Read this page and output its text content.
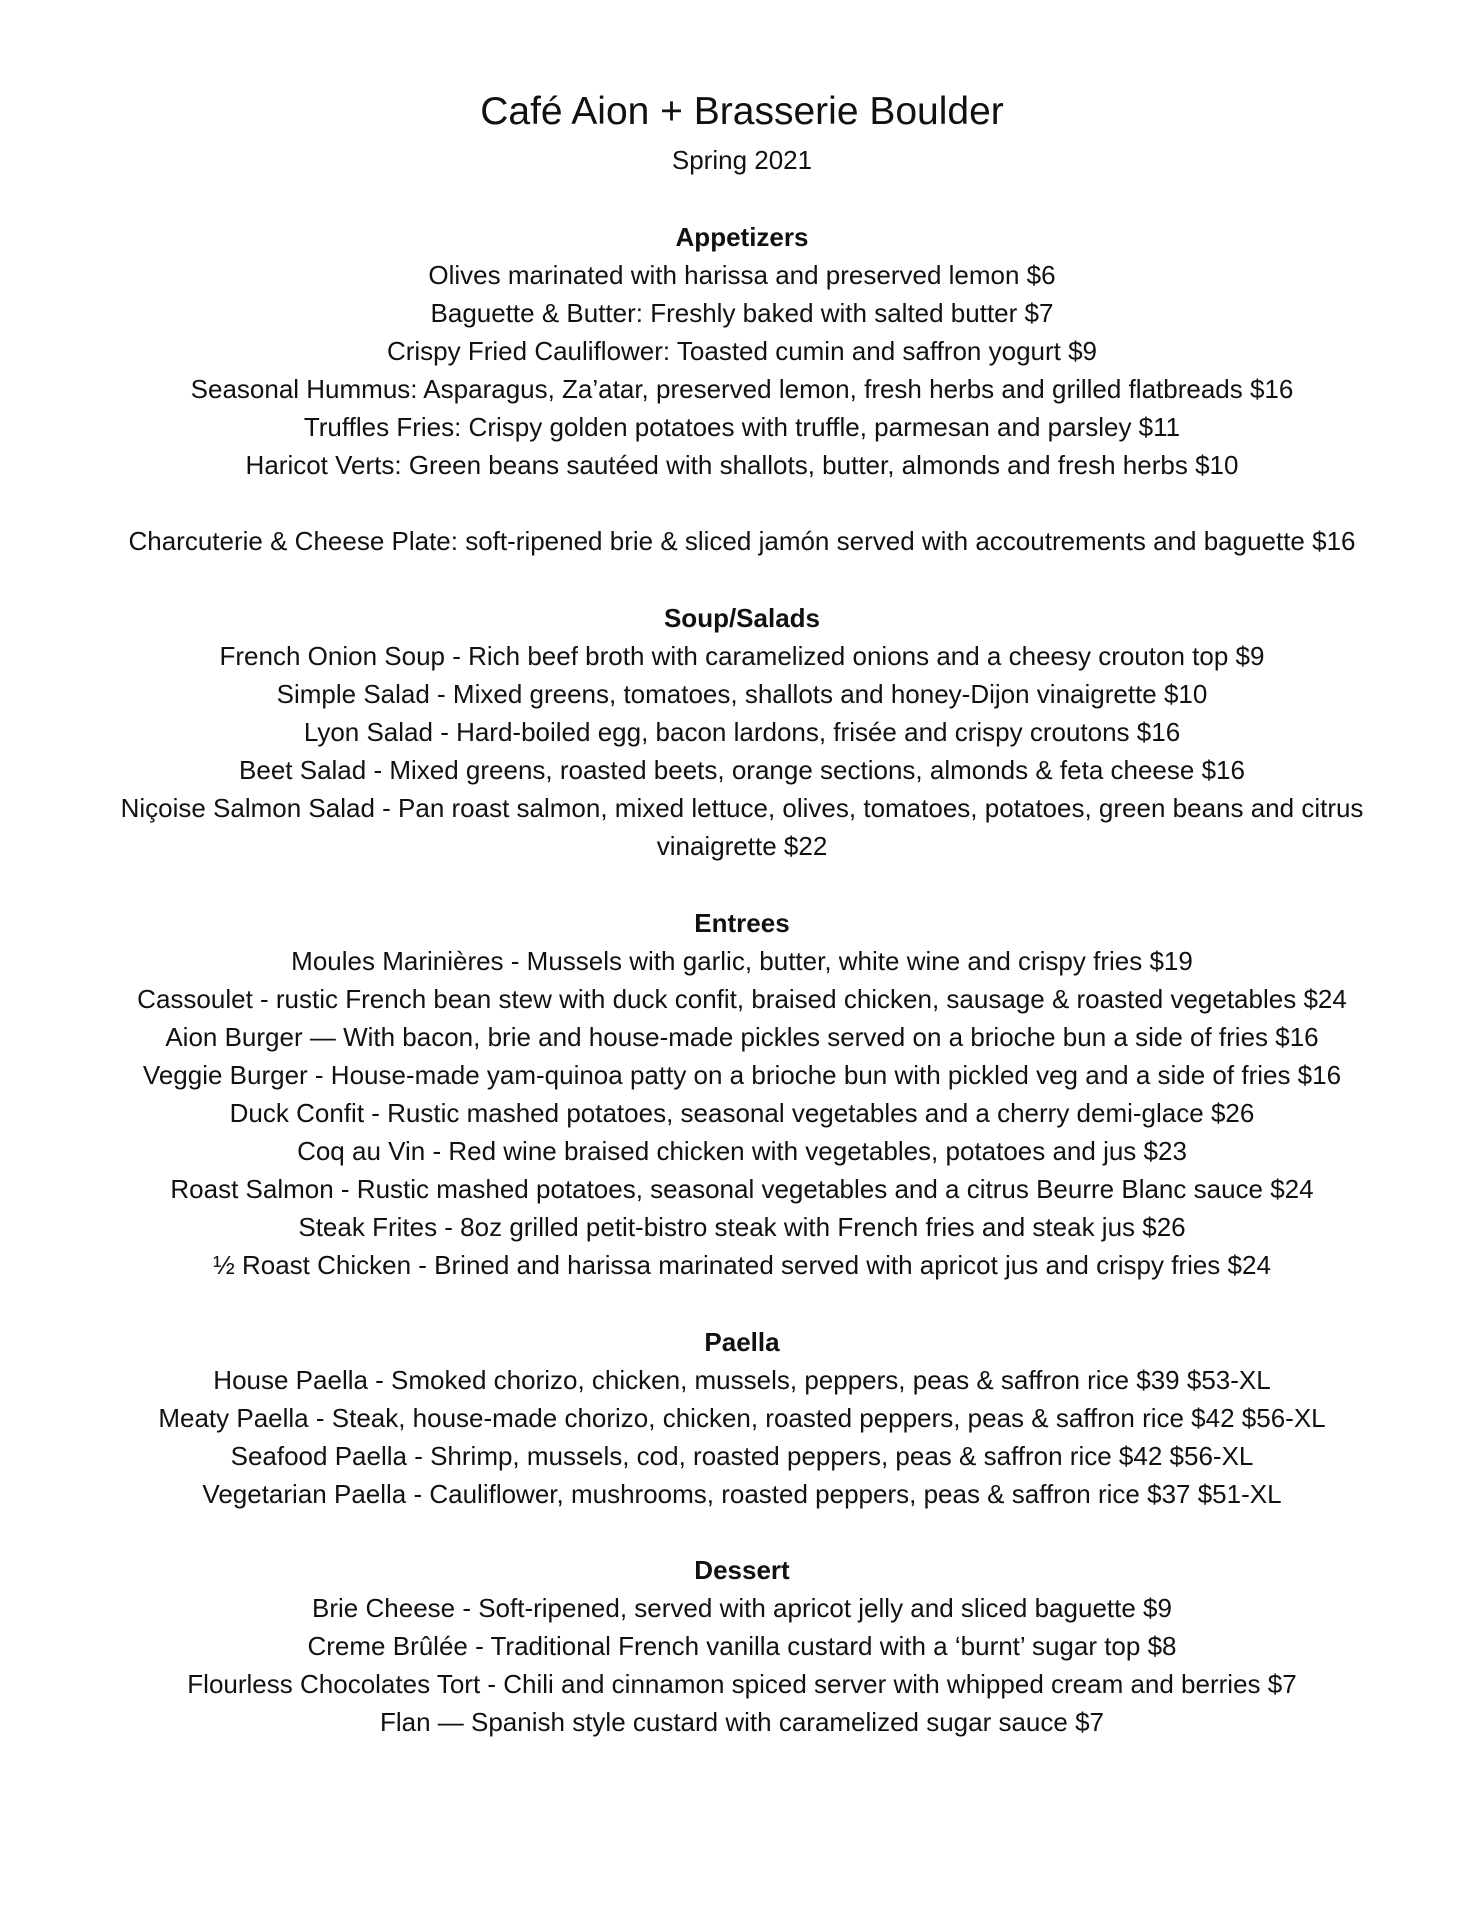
Café Aion + Brasserie Boulder

Spring 2021

Appetizers

Olives marinated with harissa and preserved lemon $6

Baguette & Butter: Freshly baked with salted butter $7

Crispy Fried Cauliflower: Toasted cumin and saffron yogurt $9

Seasonal Hummus: Asparagus, Za’atar, preserved lemon, fresh herbs and grilled flatbreads $16

Truffles Fries: Crispy golden potatoes with truffle, parmesan and parsley $11

Haricot Verts: Green beans sautéed with shallots, butter, almonds and fresh herbs $10

Charcuterie & Cheese Plate: soft-ripened brie & sliced jamón served with accoutrements and baguette $16

Soup/Salads

French Onion Soup - Rich beef broth with caramelized onions and a cheesy crouton top $9

Simple Salad - Mixed greens, tomatoes, shallots and honey-Dijon vinaigrette $10

Lyon Salad - Hard-boiled egg, bacon lardons, frisée and crispy croutons $16

Beet Salad - Mixed greens, roasted beets, orange sections, almonds & feta cheese $16

Niçoise Salmon Salad - Pan roast salmon, mixed lettuce, olives, tomatoes, potatoes, green beans and citrus vinaigrette $22

Entrees

Moules Marinières - Mussels with garlic, butter, white wine and crispy fries $19

Cassoulet - rustic French bean stew with duck confit, braised chicken, sausage & roasted vegetables $24

Aion Burger — With bacon, brie and house-made pickles served on a brioche bun a side of fries $16

Veggie Burger - House-made yam-quinoa patty on a brioche bun with pickled veg and a side of fries $16

Duck Confit - Rustic mashed potatoes, seasonal vegetables and a cherry demi-glace $26

Coq au Vin - Red wine braised chicken with vegetables, potatoes and jus $23

Roast Salmon - Rustic mashed potatoes, seasonal vegetables and a citrus Beurre Blanc sauce $24

Steak Frites - 8oz grilled petit-bistro steak with French fries and steak jus $26

½ Roast Chicken - Brined and harissa marinated served with apricot jus and crispy fries $24

Paella

House Paella - Smoked chorizo, chicken, mussels, peppers, peas & saffron rice $39 $53-XL

Meaty Paella - Steak, house-made chorizo, chicken, roasted peppers, peas & saffron rice $42 $56-XL

Seafood Paella - Shrimp, mussels, cod, roasted peppers, peas & saffron rice $42 $56-XL

Vegetarian Paella - Cauliflower, mushrooms, roasted peppers, peas & saffron rice $37 $51-XL

Dessert

Brie Cheese - Soft-ripened, served with apricot jelly and sliced baguette $9

Creme Brûlée - Traditional French vanilla custard with a ‘burnt’ sugar top $8

Flourless Chocolates Tort - Chili and cinnamon spiced server with whipped cream and berries $7

Flan — Spanish style custard with caramelized sugar sauce $7
